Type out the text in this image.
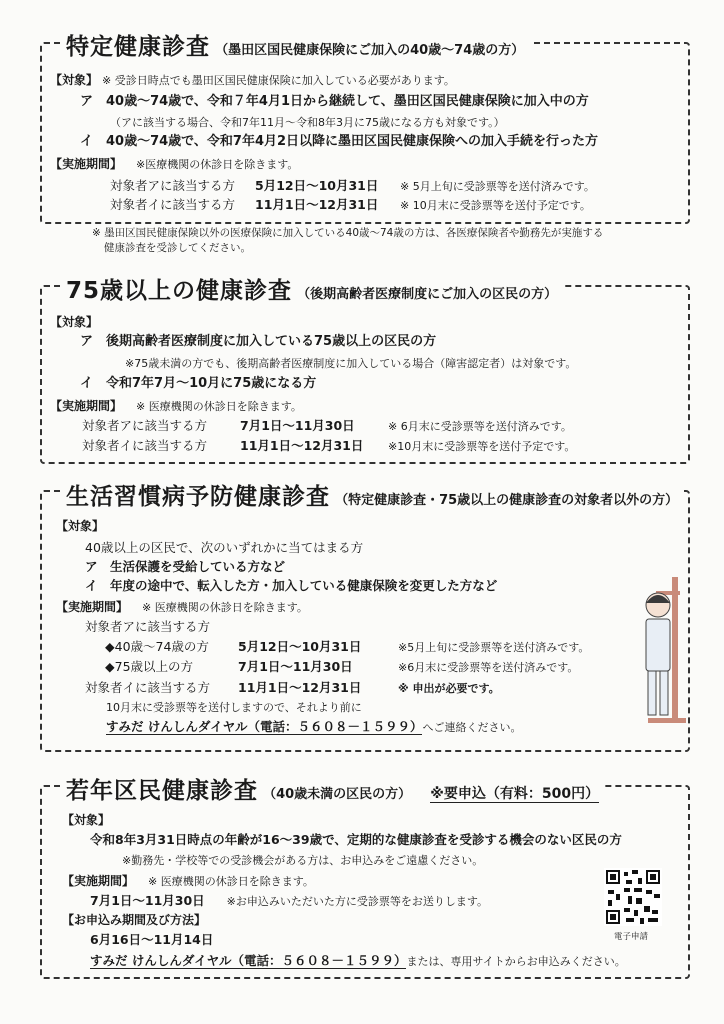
特定健康診査 （墨田区国民健康保険にご加入の40歳～74歳の方）
【対象】 ※ 受診日時点でも墨田区国民健康保険に加入している必要があります。
ア　40歳～74歳で、令和７年4月1日から継続して、墨田区国民健康保険に加入中の方
（アに該当する場合、令和7年11月～令和8年3月に75歳になる方も対象です。）
イ　40歳～74歳で、令和7年4月2日以降に墨田区国民健康保険への加入手続を行った方
【実施期間】 ※医療機関の休診日を除きます。
対象者アに該当する方 5月12日～10月31日 ※ 5月上旬に受診票等を送付済みです。
対象者イに該当する方 11月1日～12月31日 ※ 10月末に受診票等を送付予定です。
※ 墨田区国民健康保険以外の医療保険に加入している40歳～74歳の方は、各医療保険者や勤務先が実施する
健康診査を受診してください。
75歳以上の健康診査 （後期高齢者医療制度にご加入の区民の方）
【対象】
ア　後期高齢者医療制度に加入している75歳以上の区民の方
※75歳未満の方でも、後期高齢者医療制度に加入している場合（障害認定者）は対象です。
イ　令和7年7月～10月に75歳になる方
【実施期間】 ※ 医療機関の休診日を除きます。
対象者アに該当する方	7月1日～11月30日	※ 6月末に受診票等を送付済みです。
対象者イに該当する方	11月1日～12月31日 ※10月末に受診票等を送付予定です。
生活習慣病予防健康診査 （特定健康診査・75歳以上の健康診査の対象者以外の方）
【対象】
40歳以上の区民で、次のいずれかに当てはまる方
ア　生活保護を受給している方など
イ　年度の途中で、転入した方・加入している健康保険を変更した方など
【実施期間】 ※ 医療機関の休診日を除きます。
対象者アに該当する方
◆40歳～74歳の方 5月12日～10月31日	※5月上旬に受診票等を送付済みです。
◆75歳以上の方	7月1日～11月30日	※6月末に受診票等を送付済みです。
対象者イに該当する方 11月1日～12月31日	※ 申出が必要です。
10月末に受診票等を送付しますので、それより前に
すみだ けんしんダイヤル（電話：５６０８－１５９９）へご連絡ください。
若年区民健康診査 （40歳未満の区民の方） ※要申込（有料：500円）
【対象】
令和8年3月31日時点の年齢が16～39歳で、定期的な健康診査を受診する機会のない区民の方
※勤務先・学校等での受診機会がある方は、お申込みをご遠慮ください。
【実施期間】 ※ 医療機関の休診日を除きます。
7月1日～11月30日 ※お申込みいただいた方に受診票等をお送りします。
【お申込み期間及び方法】
6月16日～11月14日
すみだ けんしんダイヤル（電話：５６０８－１５９９）または、専用サイトからお申込みください。
電子申請
